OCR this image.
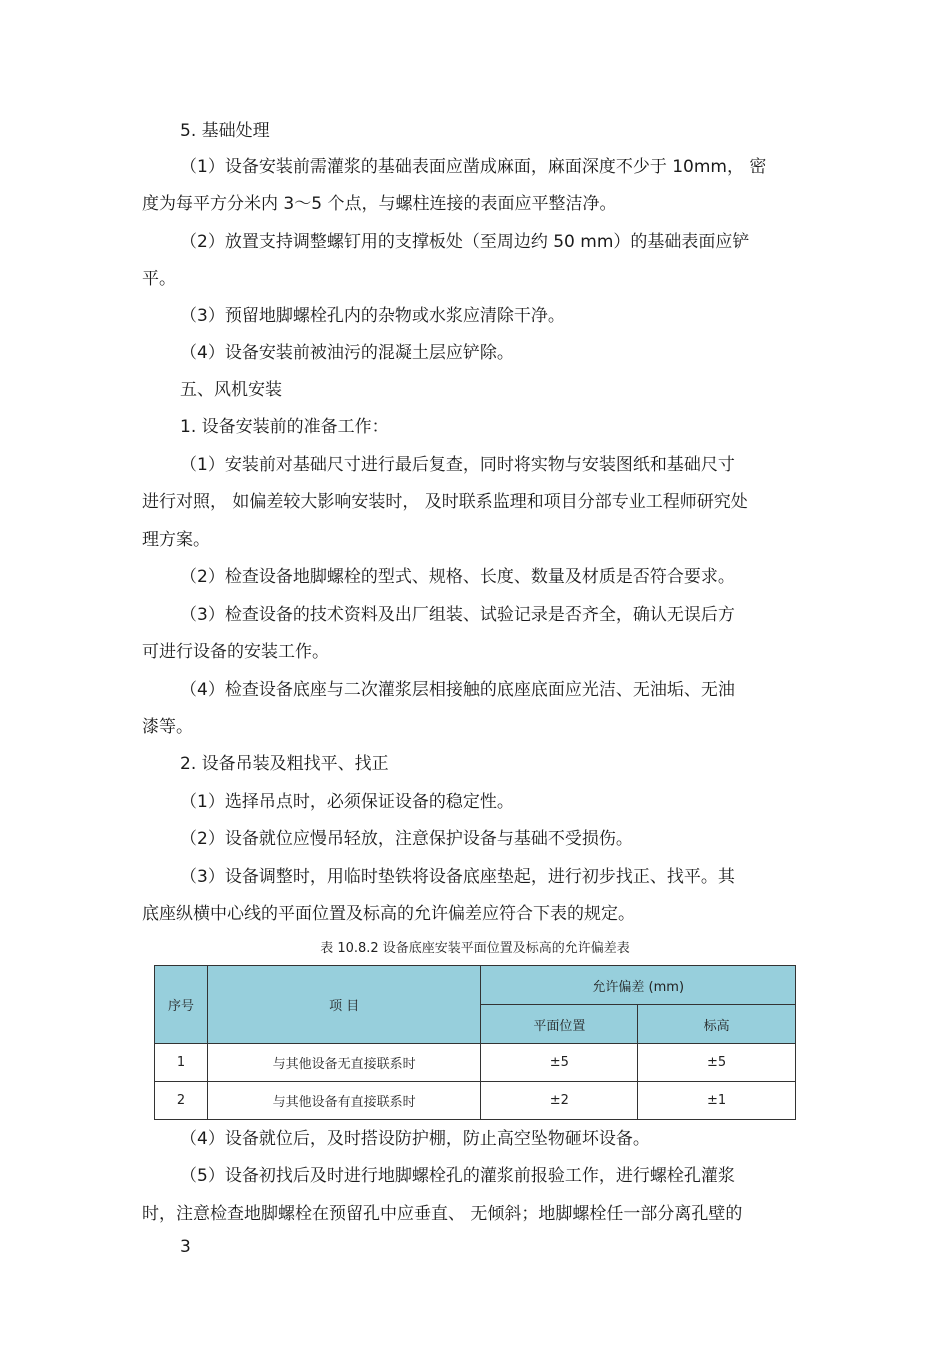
5. 基础处理
（1）设备安装前需灌浆的基础表面应凿成麻面，麻面深度不少于 10mm， 密
度为每平方分米内 3～5 个点，与螺柱连接的表面应平整洁净。
（2）放置支持调整螺钉用的支撑板处（至周边约 50 mm）的基础表面应铲
平。
（3）预留地脚螺栓孔内的杂物或水浆应清除干净。
（4）设备安装前被油污的混凝土层应铲除。
五、风机安装
1. 设备安装前的准备工作：
（1）安装前对基础尺寸进行最后复查，同时将实物与安装图纸和基础尺寸
进行对照， 如偏差较大影响安装时， 及时联系监理和项目分部专业工程师研究处
理方案。
（2）检查设备地脚螺栓的型式、规格、长度、数量及材质是否符合要求。
（3）检查设备的技术资料及出厂组装、试验记录是否齐全，确认无误后方
可进行设备的安装工作。
（4）检查设备底座与二次灌浆层相接触的底座底面应光洁、无油垢、无油
漆等。
2. 设备吊装及粗找平、找正
（1）选择吊点时，必须保证设备的稳定性。
（2）设备就位应慢吊轻放，注意保护设备与基础不受损伤。
（3）设备调整时，用临时垫铁将设备底座垫起，进行初步找正、找平。其
底座纵横中心线的平面位置及标高的允许偏差应符合下表的规定。
表 10.8.2 设备底座安装平面位置及标高的允许偏差表
序号	项 目	允许偏差 (mm)	
		平面位置	标高
1	与其他设备无直接联系时	±5	±5
2	与其他设备有直接联系时	±2	±1
（4）设备就位后，及时搭设防护棚，防止高空坠物砸坏设备。
（5）设备初找后及时进行地脚螺栓孔的灌浆前报验工作，进行螺栓孔灌浆
时，注意检查地脚螺栓在预留孔中应垂直、 无倾斜；地脚螺栓任一部分离孔壁的
3
